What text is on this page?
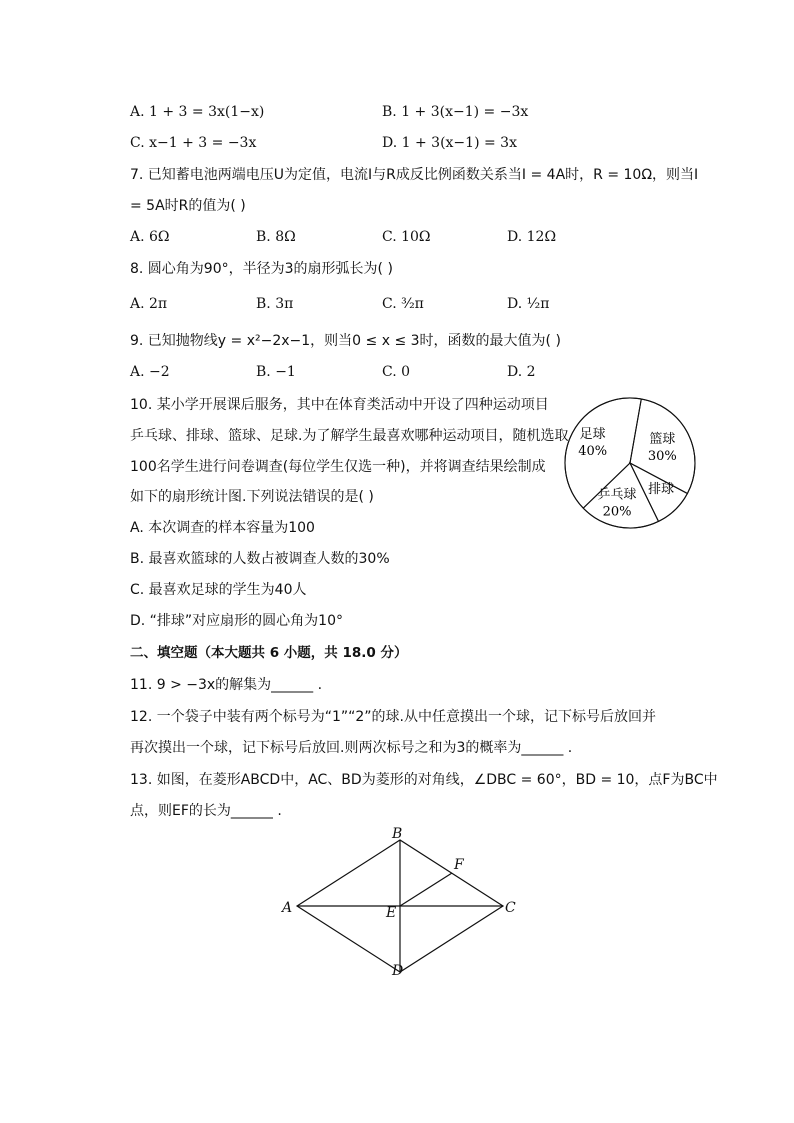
A. 1 + 3 = 3x(1−x)	B. 1 + 3(x−1) = −3x
C. x−1 + 3 = −3x	D. 1 + 3(x−1) = 3x
7. 已知蓄电池两端电压U为定值，电流I与R成反比例函数关系当I = 4A时，R = 10Ω，则当I
= 5A时R的值为( )
A. 6Ω	B. 8Ω	C. 10Ω	D. 12Ω
8. 圆心角为90°，半径为3的扇形弧长为( )
A. 2π	B. 3π	C. ³⁄₂π	D. ¹⁄₂π
9. 已知抛物线y = x²−2x−1，则当0 ≤ x ≤ 3时，函数的最大值为( )
A. −2	B. −1	C. 0	D. 2
10. 某小学开展课后服务，其中在体育类活动中开设了四种运动项目
乒乓球、排球、篮球、足球.为了解学生最喜欢哪种运动项目，随机选取
100名学生进行问卷调查(每位学生仅选一种)，并将调查结果绘制成
如下的扇形统计图.下列说法错误的是( )
A. 本次调查的样本容量为100
B. 最喜欢篮球的人数占被调查人数的30%
C. 最喜欢足球的学生为40人
D. “排球”对应扇形的圆心角为10°
篮球
30%
排球
乒乓球
20%
足球
40%
二、填空题（本大题共 6 小题，共 18.0 分）
11. 9 > −3x的解集为______ .
12. 一个袋子中装有两个标号为“1”“2”的球.从中任意摸出一个球，记下标号后放回并
再次摸出一个球，记下标号后放回.则两次标号之和为3的概率为______ .
13. 如图，在菱形ABCD中，AC、BD为菱形的对角线，∠DBC = 60°，BD = 10，点F为BC中
点，则EF的长为______ .
B
A	C
D
E
F
